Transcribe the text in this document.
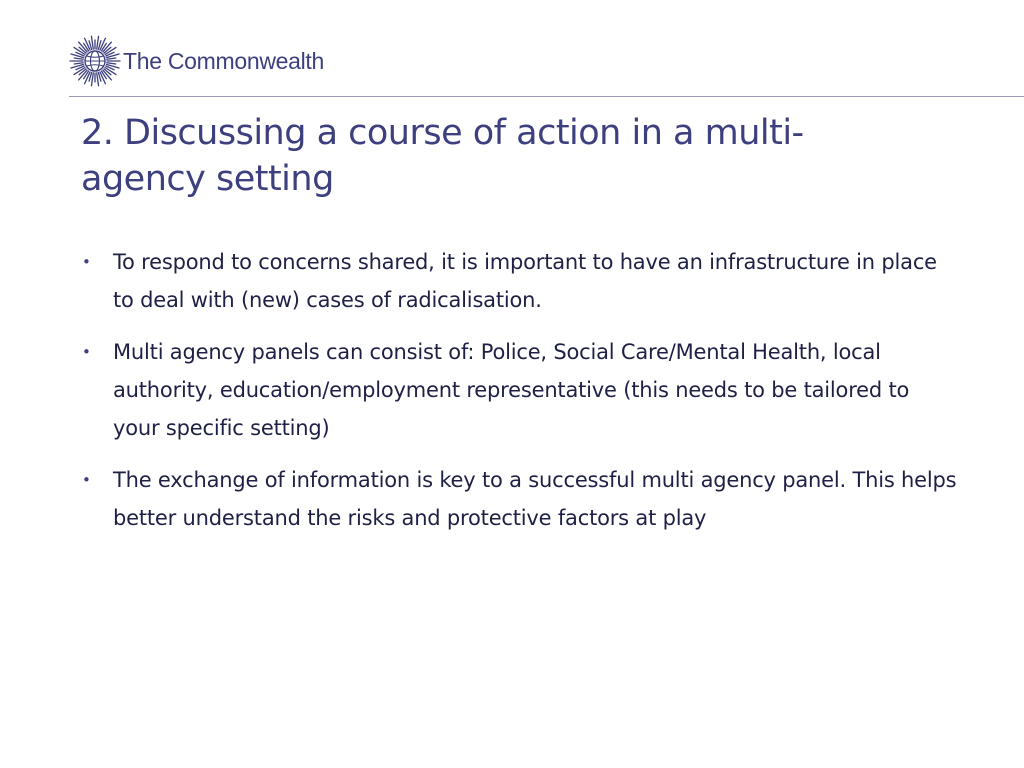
The Commonwealth
2. Discussing a course of action in a multi-agency setting
• To respond to concerns shared, it is important to have an infrastructure in place to deal with (new) cases of radicalisation.
• Multi agency panels can consist of: Police, Social Care/Mental Health, local authority, education/employment representative (this needs to be tailored to your specific setting)
• The exchange of information is key to a successful multi agency panel. This helps better understand the risks and protective factors at play
